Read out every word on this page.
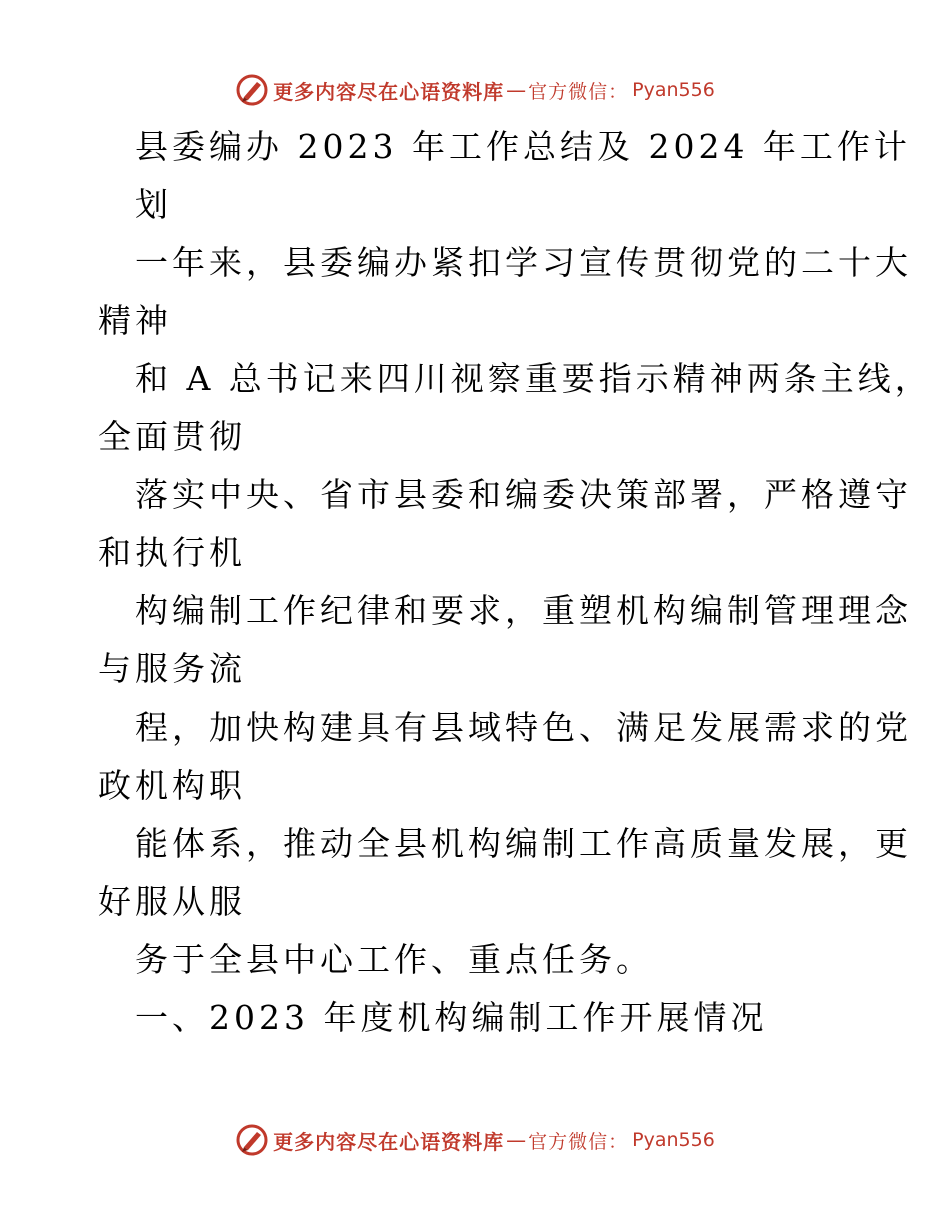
更多内容尽在心语资料库 — 官方微信： Pyan556
县委编办 2023 年工作总结及 2024 年工作计
划
一年来，县委编办紧扣学习宣传贯彻党的二十大
精神
和 A 总书记来四川视察重要指示精神两条主线，
全面贯彻
落实中央、省市县委和编委决策部署，严格遵守
和执行机
构编制工作纪律和要求，重塑机构编制管理理念
与服务流
程，加快构建具有县域特色、满足发展需求的党
政机构职
能体系，推动全县机构编制工作高质量发展，更
好服从服
务于全县中心工作、重点任务。
一、2023 年度机构编制工作开展情况
更多内容尽在心语资料库 — 官方微信： Pyan556
